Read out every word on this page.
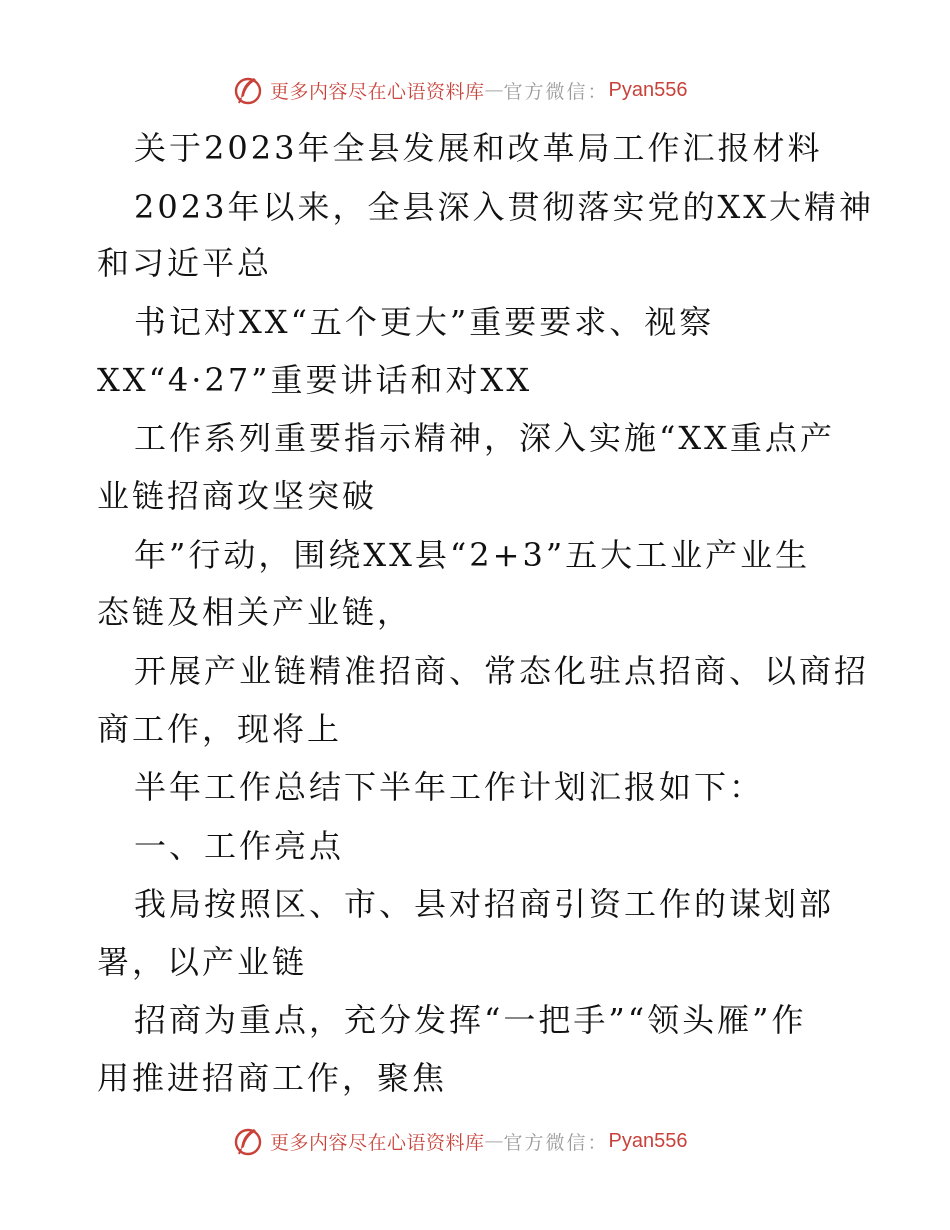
更多内容尽在心语资料库 — 官方微信： Pyan556
关于2023年全县发展和改革局工作汇报材料
2023年以来，全县深入贯彻落实党的XX大精神
和习近平总
书记对XX“五个更大”重要要求、视察
XX“4·27”重要讲话和对XX
工作系列重要指示精神，深入实施“XX重点产
业链招商攻坚突破
年”行动，围绕XX县“2+3”五大工业产业生
态链及相关产业链，
开展产业链精准招商、常态化驻点招商、以商招
商工作，现将上
半年工作总结下半年工作计划汇报如下：
一、工作亮点
我局按照区、市、县对招商引资工作的谋划部
署，以产业链
招商为重点，充分发挥“一把手”“领头雁”作
用推进招商工作，聚焦
更多内容尽在心语资料库 — 官方微信： Pyan556
